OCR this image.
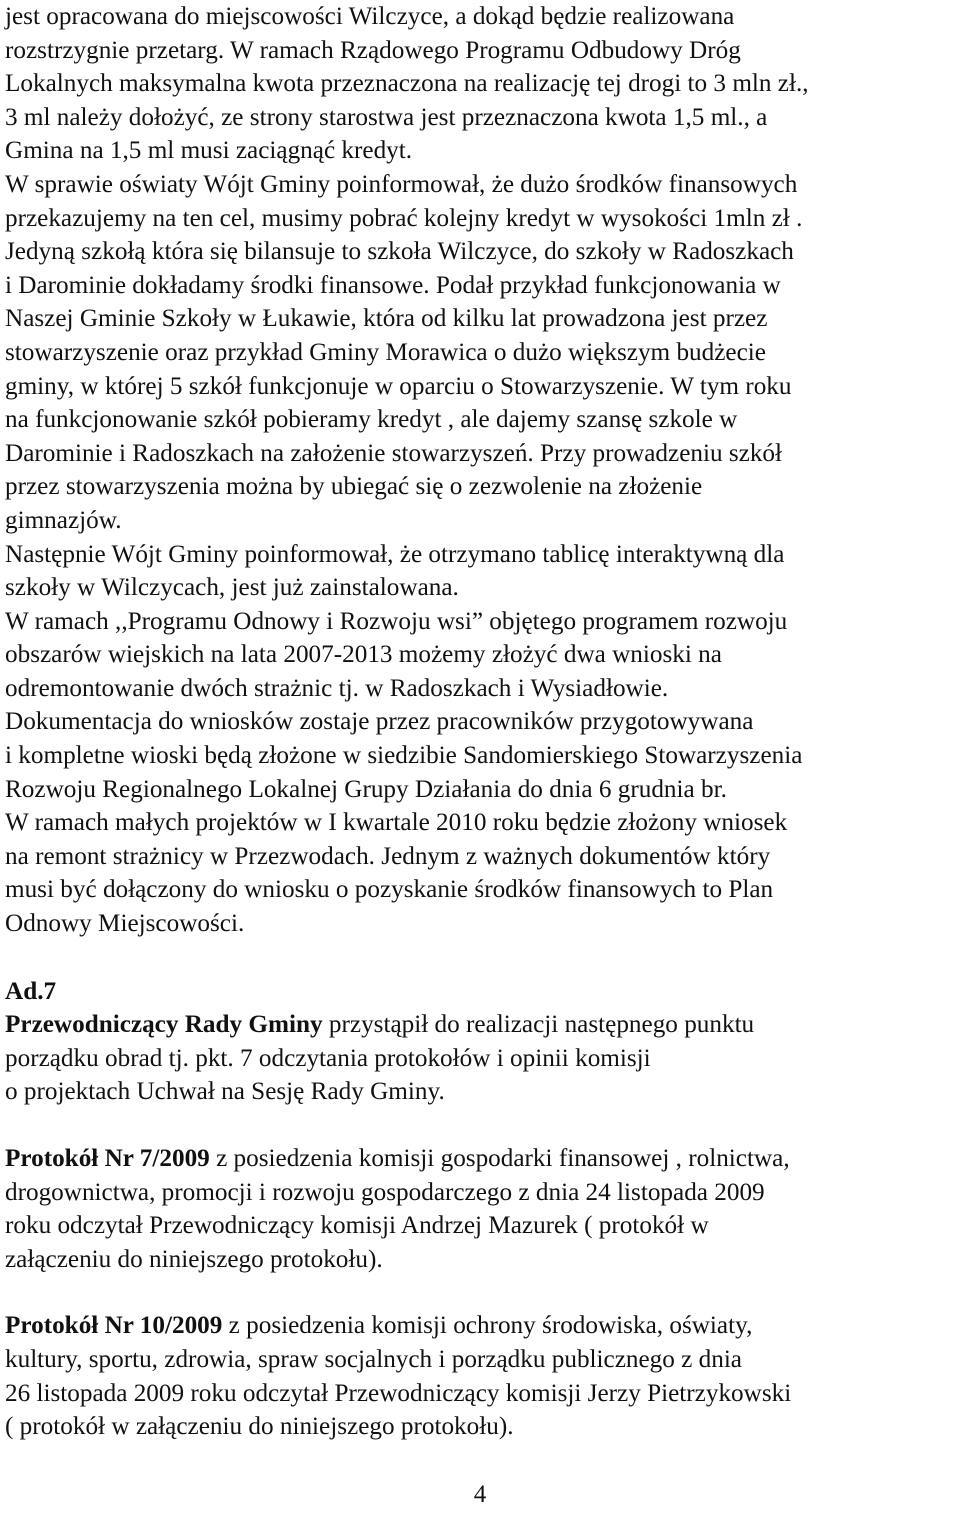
jest opracowana do miejscowości Wilczyce, a dokąd będzie realizowana
rozstrzygnie przetarg. W ramach Rządowego Programu Odbudowy Dróg
Lokalnych maksymalna kwota przeznaczona na realizację tej drogi to 3 mln zł.,
3 ml należy dołożyć, ze strony starostwa jest przeznaczona kwota 1,5 ml., a
Gmina na 1,5 ml musi zaciągnąć kredyt.
W sprawie oświaty Wójt Gminy poinformował, że dużo środków finansowych
przekazujemy na ten cel, musimy pobrać kolejny kredyt w wysokości 1mln zł .
Jedyną szkołą która się bilansuje to szkoła Wilczyce, do szkoły w Radoszkach
i Darominie dokładamy środki finansowe. Podał przykład funkcjonowania w
Naszej Gminie Szkoły w Łukawie, która od kilku lat prowadzona jest przez
stowarzyszenie oraz przykład Gminy Morawica o dużo większym budżecie
gminy, w której 5 szkół funkcjonuje w oparciu o Stowarzyszenie. W tym roku
na funkcjonowanie szkół pobieramy kredyt , ale dajemy szansę szkole w
Darominie i Radoszkach na założenie stowarzyszeń. Przy prowadzeniu szkół
przez stowarzyszenia można by ubiegać się o zezwolenie na złożenie
gimnazjów.
Następnie Wójt Gminy poinformował, że otrzymano tablicę interaktywną dla
szkoły w Wilczycach, jest już zainstalowana.
W ramach ,,Programu Odnowy i Rozwoju wsi” objętego programem rozwoju
obszarów wiejskich na lata 2007-2013 możemy złożyć dwa wnioski na
odremontowanie dwóch strażnic tj. w Radoszkach i Wysiadłowie.
Dokumentacja do wniosków zostaje przez pracowników przygotowywana
i kompletne wioski będą złożone w siedzibie Sandomierskiego Stowarzyszenia
Rozwoju Regionalnego Lokalnej Grupy Działania do dnia 6 grudnia br.
W ramach małych projektów w I kwartale 2010 roku będzie złożony wniosek
na remont strażnicy w Przezwodach. Jednym z ważnych dokumentów który
musi być dołączony do wniosku o pozyskanie środków finansowych to Plan
Odnowy Miejscowości.
Ad.7
Przewodniczący Rady Gminy przystąpił do realizacji następnego punktu
porządku obrad tj. pkt. 7 odczytania protokołów i opinii komisji
o projektach Uchwał na Sesję Rady Gminy.
Protokół Nr 7/2009 z posiedzenia komisji gospodarki finansowej , rolnictwa,
drogownictwa, promocji i rozwoju gospodarczego z dnia 24 listopada 2009
roku odczytał Przewodniczący komisji Andrzej Mazurek ( protokół w
załączeniu do niniejszego protokołu).
Protokół Nr 10/2009 z posiedzenia komisji ochrony środowiska, oświaty,
kultury, sportu, zdrowia, spraw socjalnych i porządku publicznego z dnia
26 listopada 2009 roku odczytał Przewodniczący komisji Jerzy Pietrzykowski
( protokół w załączeniu do niniejszego protokołu).
4
